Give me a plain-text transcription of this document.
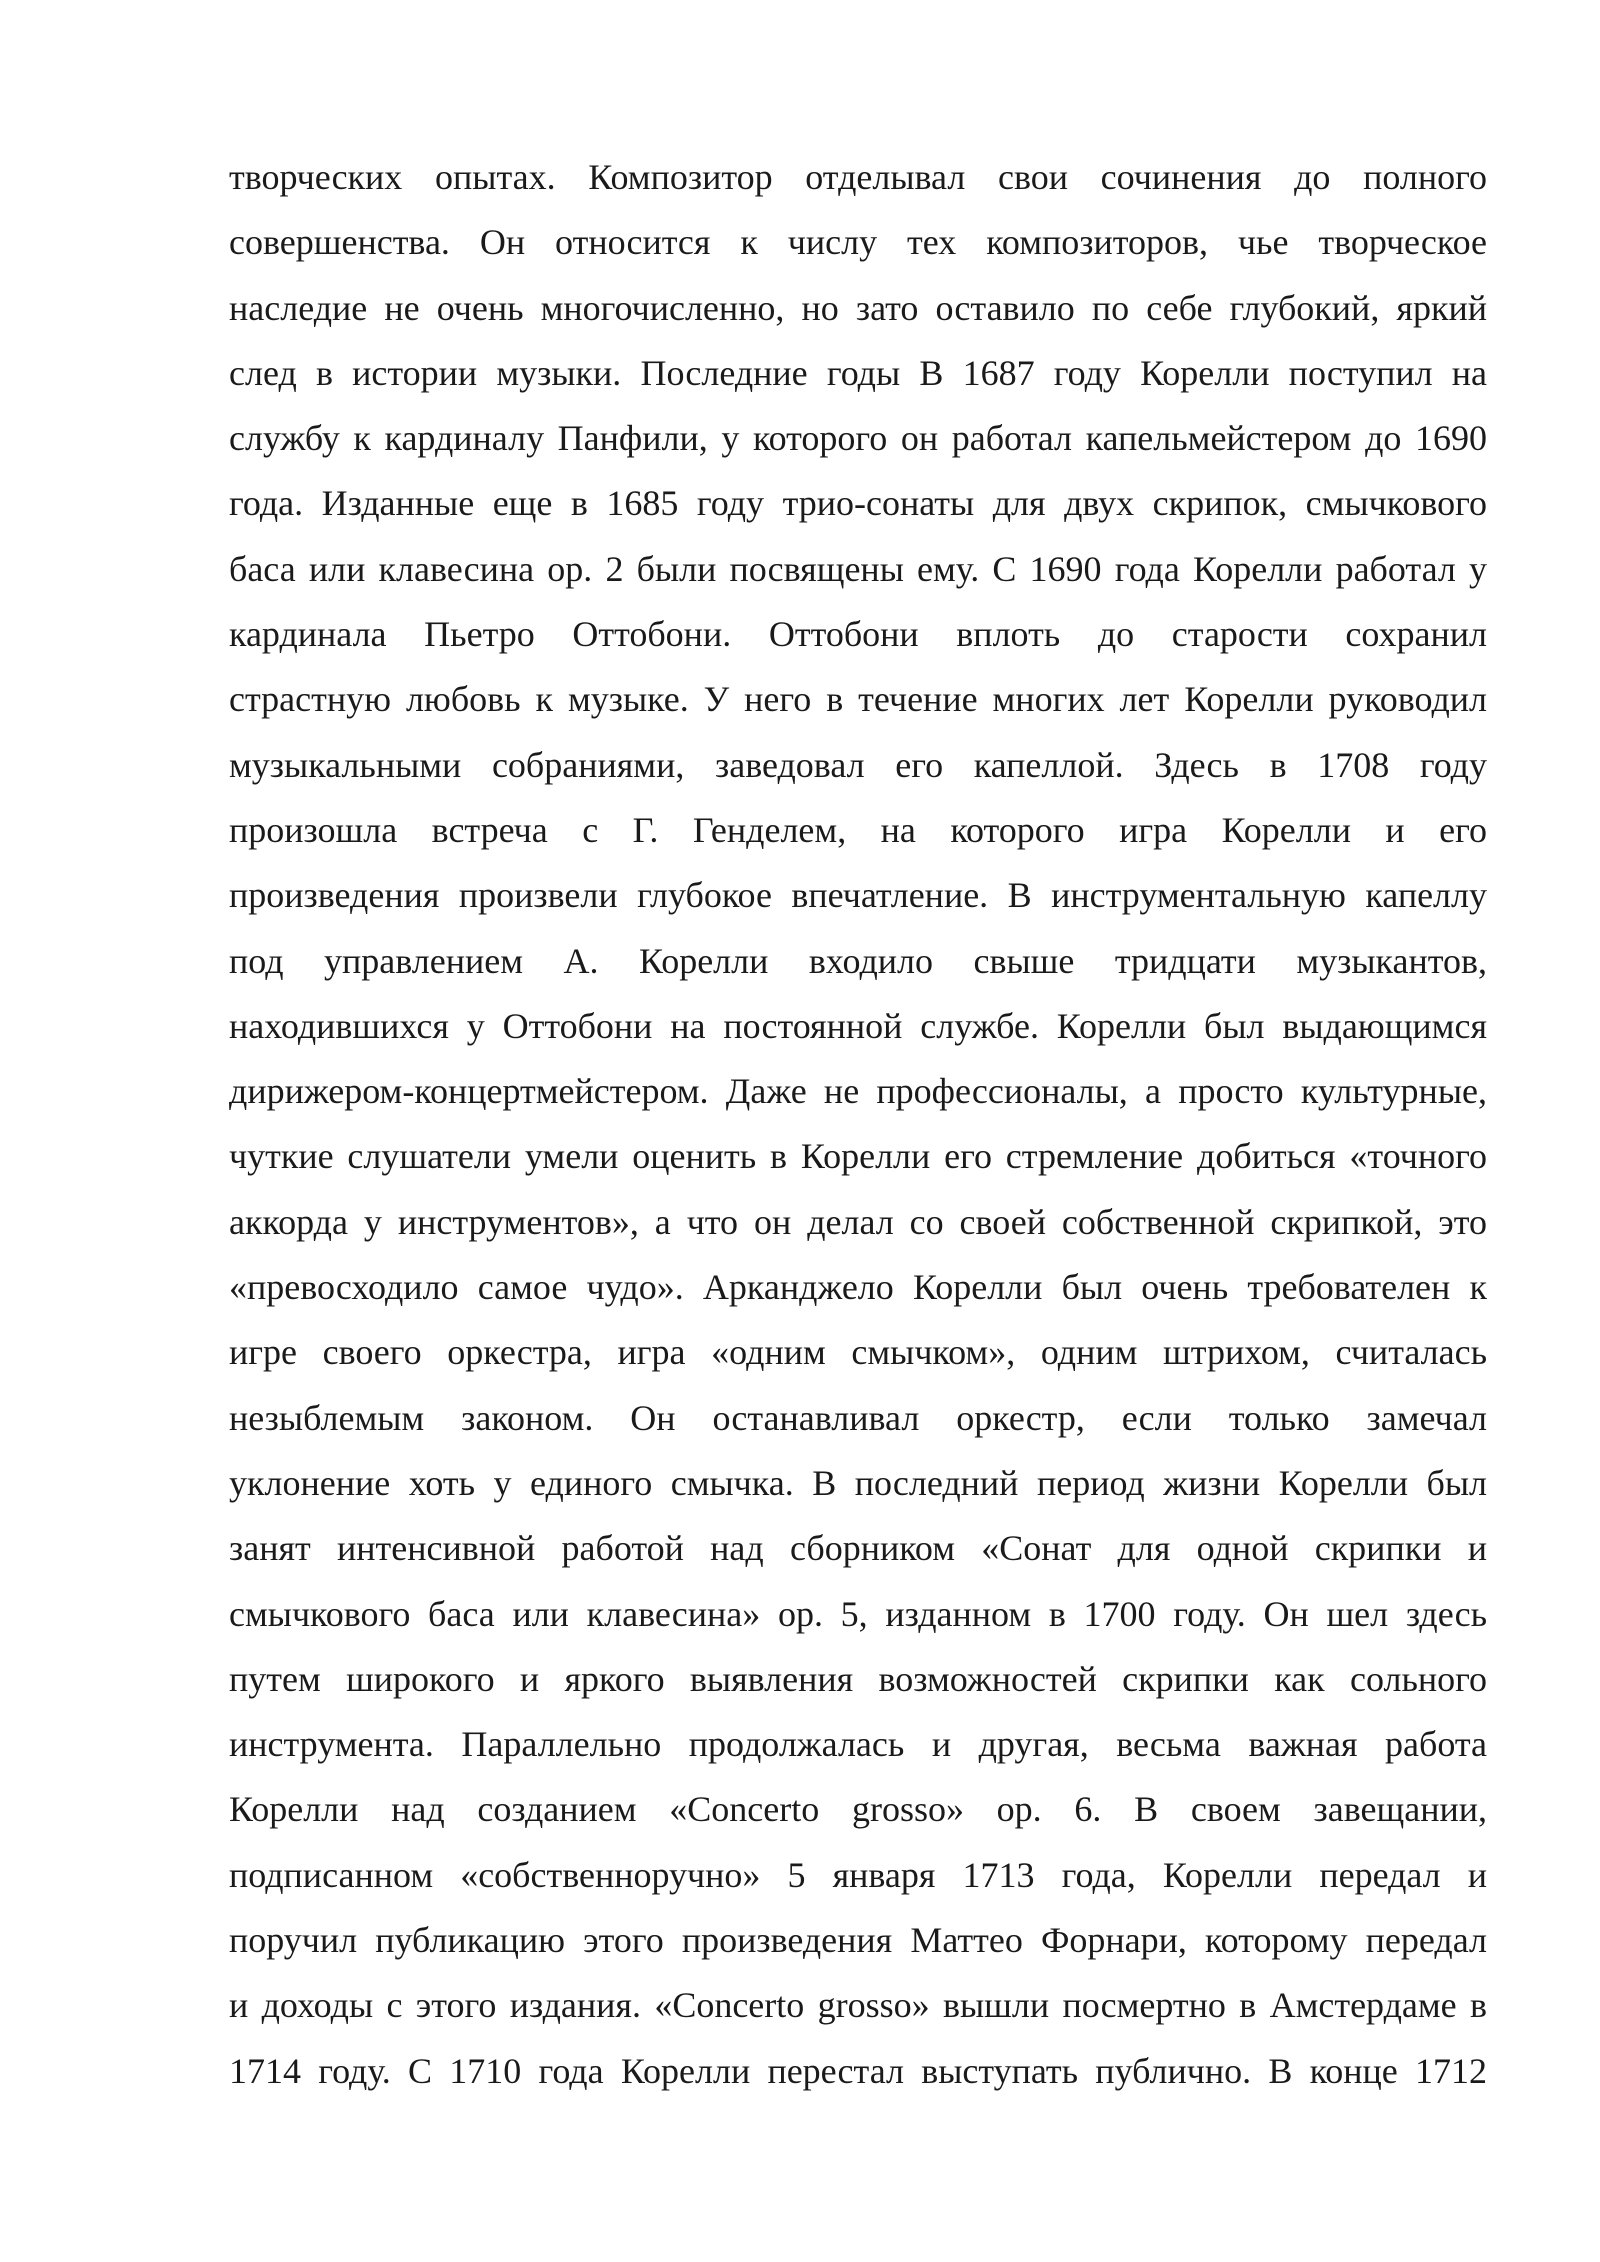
творческих опытах. Композитор отделывал свои сочинения до полного
совершенства. Он относится к числу тех композиторов, чье творческое
наследие не очень многочисленно, но зато оставило по себе глубокий, яркий
след в истории музыки. Последние годы В 1687 году Корелли поступил на
службу к кардиналу Панфили, у которого он работал капельмейстером до 1690
года. Изданные еще в 1685 году трио-сонаты для двух скрипок, смычкового
баса или клавесина ор. 2 были посвящены ему. С 1690 года Корелли работал у
кардинала Пьетро Оттобони. Оттобони вплоть до старости сохранил
страстную любовь к музыке. У него в течение многих лет Корелли руководил
музыкальными собраниями, заведовал его капеллой. Здесь в 1708 году
произошла встреча с Г. Генделем, на которого игра Корелли и его
произведения произвели глубокое впечатление. В инструментальную капеллу
под управлением А. Корелли входило свыше тридцати музыкантов,
находившихся у Оттобони на постоянной службе. Корелли был выдающимся
дирижером-концертмейстером. Даже не профессионалы, а просто культурные,
чуткие слушатели умели оценить в Корелли его стремление добиться «точного
аккорда у инструментов», а что он делал со своей собственной скрипкой, это
«превосходило самое чудо». Арканджело Корелли был очень требователен к
игре своего оркестра, игра «одним смычком», одним штрихом, считалась
незыблемым законом. Он останавливал оркестр, если только замечал
уклонение хоть у единого смычка. В последний период жизни Корелли был
занят интенсивной работой над сборником «Сонат для одной скрипки и
смычкового баса или клавесина» ор. 5, изданном в 1700 году. Он шел здесь
путем широкого и яркого выявления возможностей скрипки как сольного
инструмента. Параллельно продолжалась и другая, весьма важная работа
Корелли над созданием «Concerto grosso» ор. 6. В своем завещании,
подписанном «собственноручно» 5 января 1713 года, Корелли передал и
поручил публикацию этого произведения Маттео Форнари, которому передал
и доходы с этого издания. «Concerto grosso» вышли посмертно в Амстердаме в
1714 году. С 1710 года Корелли перестал выступать публично. В конце 1712
